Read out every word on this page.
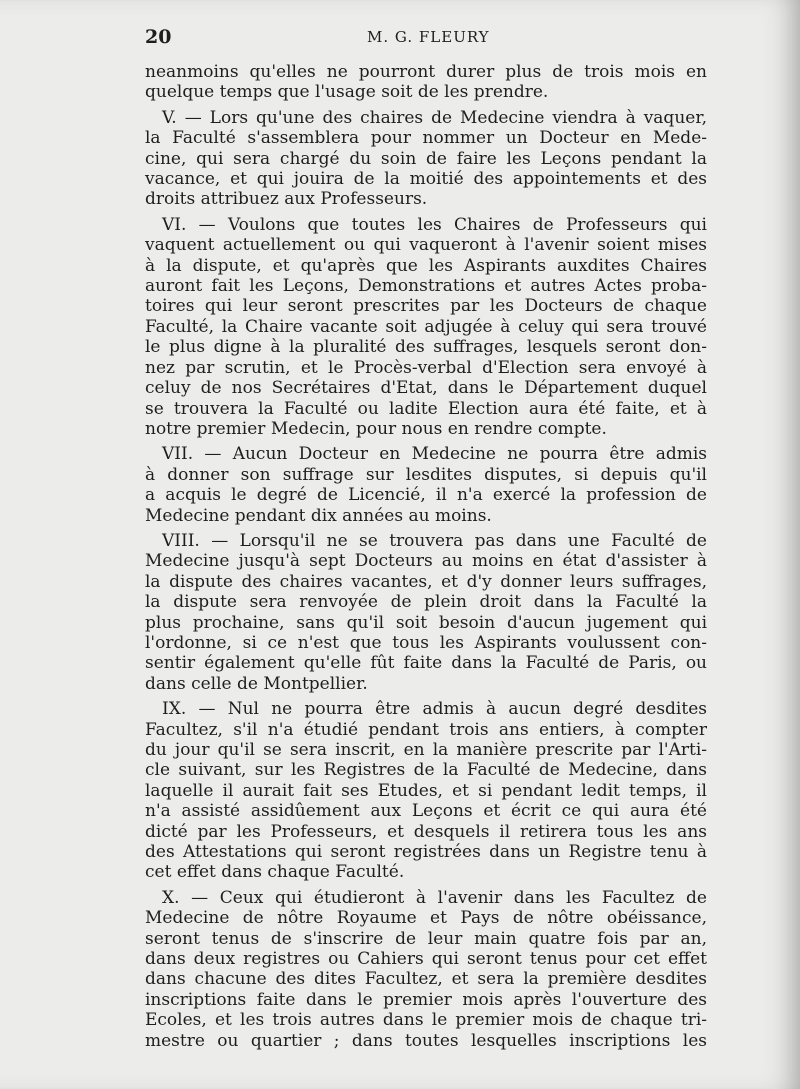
20	M. G. FLEURY
neanmoins qu'elles ne pourront durer plus de trois mois en
quelque temps que l'usage soit de les prendre.
V. — Lors qu'une des chaires de Medecine viendra à vaquer,
la Faculté s'assemblera pour nommer un Docteur en Mede-
cine, qui sera chargé du soin de faire les Leçons pendant la
vacance, et qui jouira de la moitié des appointements et des
droits attribuez aux Professeurs.
VI. — Voulons que toutes les Chaires de Professeurs qui
vaquent actuellement ou qui vaqueront à l'avenir soient mises
à la dispute, et qu'après que les Aspirants auxdites Chaires
auront fait les Leçons, Demonstrations et autres Actes proba-
toires qui leur seront prescrites par les Docteurs de chaque
Faculté, la Chaire vacante soit adjugée à celuy qui sera trouvé
le plus digne à la pluralité des suffrages, lesquels seront don-
nez par scrutin, et le Procès-verbal d'Election sera envoyé à
celuy de nos Secrétaires d'Etat, dans le Département duquel
se trouvera la Faculté ou ladite Election aura été faite, et à
notre premier Medecin, pour nous en rendre compte.
VII. — Aucun Docteur en Medecine ne pourra être admis
à donner son suffrage sur lesdites disputes, si depuis qu'il
a acquis le degré de Licencié, il n'a exercé la profession de
Medecine pendant dix années au moins.
VIII. — Lorsqu'il ne se trouvera pas dans une Faculté de
Medecine jusqu'à sept Docteurs au moins en état d'assister à
la dispute des chaires vacantes, et d'y donner leurs suffrages,
la dispute sera renvoyée de plein droit dans la Faculté la
plus prochaine, sans qu'il soit besoin d'aucun jugement qui
l'ordonne, si ce n'est que tous les Aspirants voulussent con-
sentir également qu'elle fût faite dans la Faculté de Paris, ou
dans celle de Montpellier.
IX. — Nul ne pourra être admis à aucun degré desdites
Facultez, s'il n'a étudié pendant trois ans entiers, à compter
du jour qu'il se sera inscrit, en la manière prescrite par l'Arti-
cle suivant, sur les Registres de la Faculté de Medecine, dans
laquelle il aurait fait ses Etudes, et si pendant ledit temps, il
n'a assisté assidûement aux Leçons et écrit ce qui aura été
dicté par les Professeurs, et desquels il retirera tous les ans
des Attestations qui seront registrées dans un Registre tenu à
cet effet dans chaque Faculté.
X. — Ceux qui étudieront à l'avenir dans les Facultez de
Medecine de nôtre Royaume et Pays de nôtre obéissance,
seront tenus de s'inscrire de leur main quatre fois par an,
dans deux registres ou Cahiers qui seront tenus pour cet effet
dans chacune des dites Facultez, et sera la première desdites
inscriptions faite dans le premier mois après l'ouverture des
Ecoles, et les trois autres dans le premier mois de chaque tri-
mestre ou quartier ; dans toutes lesquelles inscriptions les
